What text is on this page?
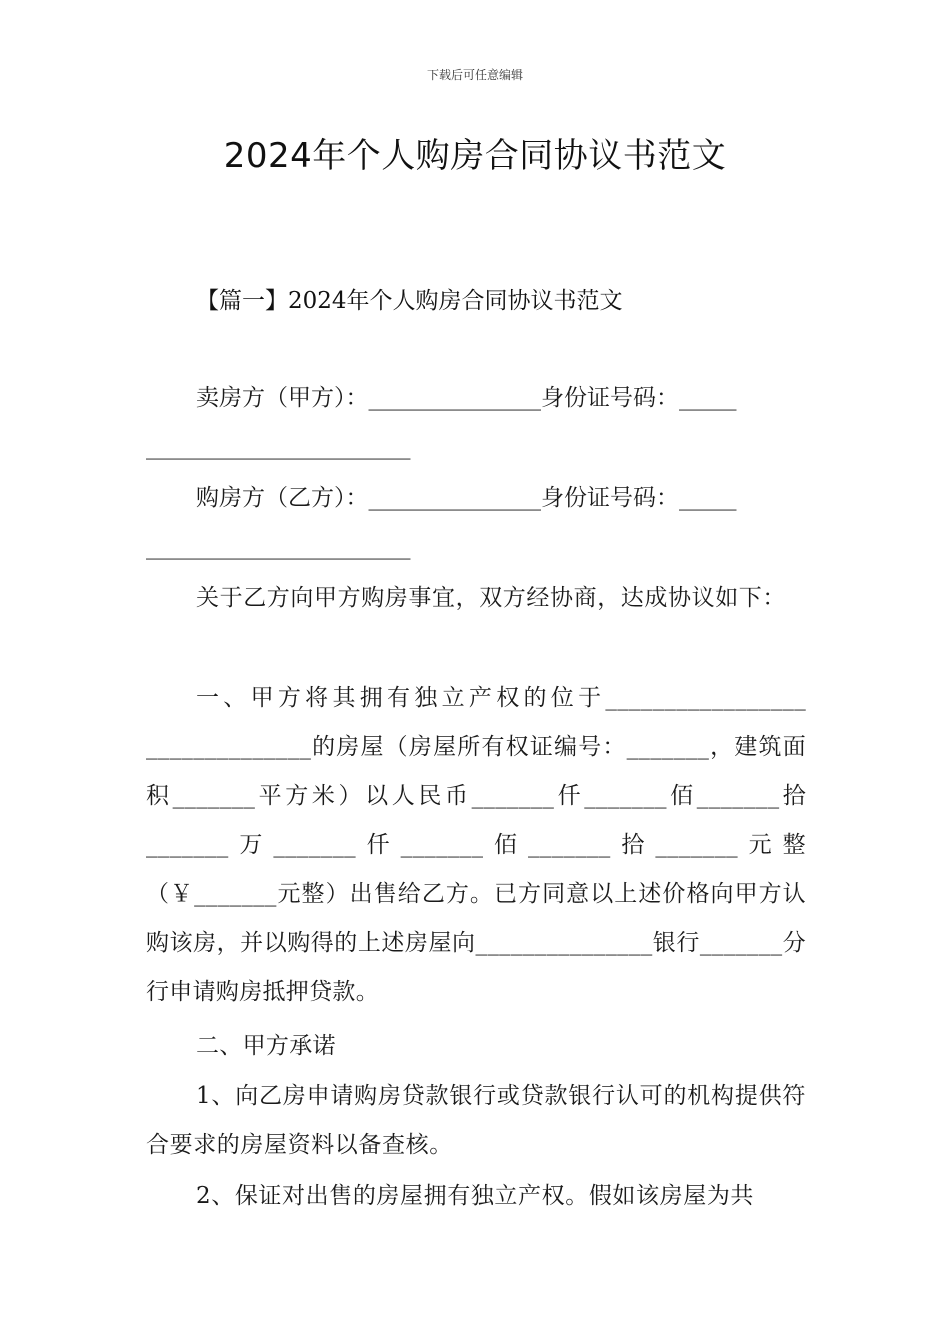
下载后可任意编辑
2024年个人购房合同协议书范文
【篇一】2024年个人购房合同协议书范文
卖房方（甲方）：_______________身份证号码：_____
_______________________
购房方（乙方）：_______________身份证号码：_____
_______________________
关于乙方向甲方购房事宜，双方经协商，达成协议如下：
一、甲方将其拥有独立产权的位于_________________ ______________的房屋（房屋所有权证编号：_______，建筑面积_______平方米）以人民币_______仟_______佰_______拾_______万_______仟_______佰_______拾_______元整（￥_______元整）出售给乙方。已方同意以上述价格向甲方认购该房，并以购得的上述房屋向_______________银行_______分行申请购房抵押贷款。
二、甲方承诺
1、向乙房申请购房贷款银行或贷款银行认可的机构提供符合要求的房屋资料以备查核。
2、保证对出售的房屋拥有独立产权。假如该房屋为共
